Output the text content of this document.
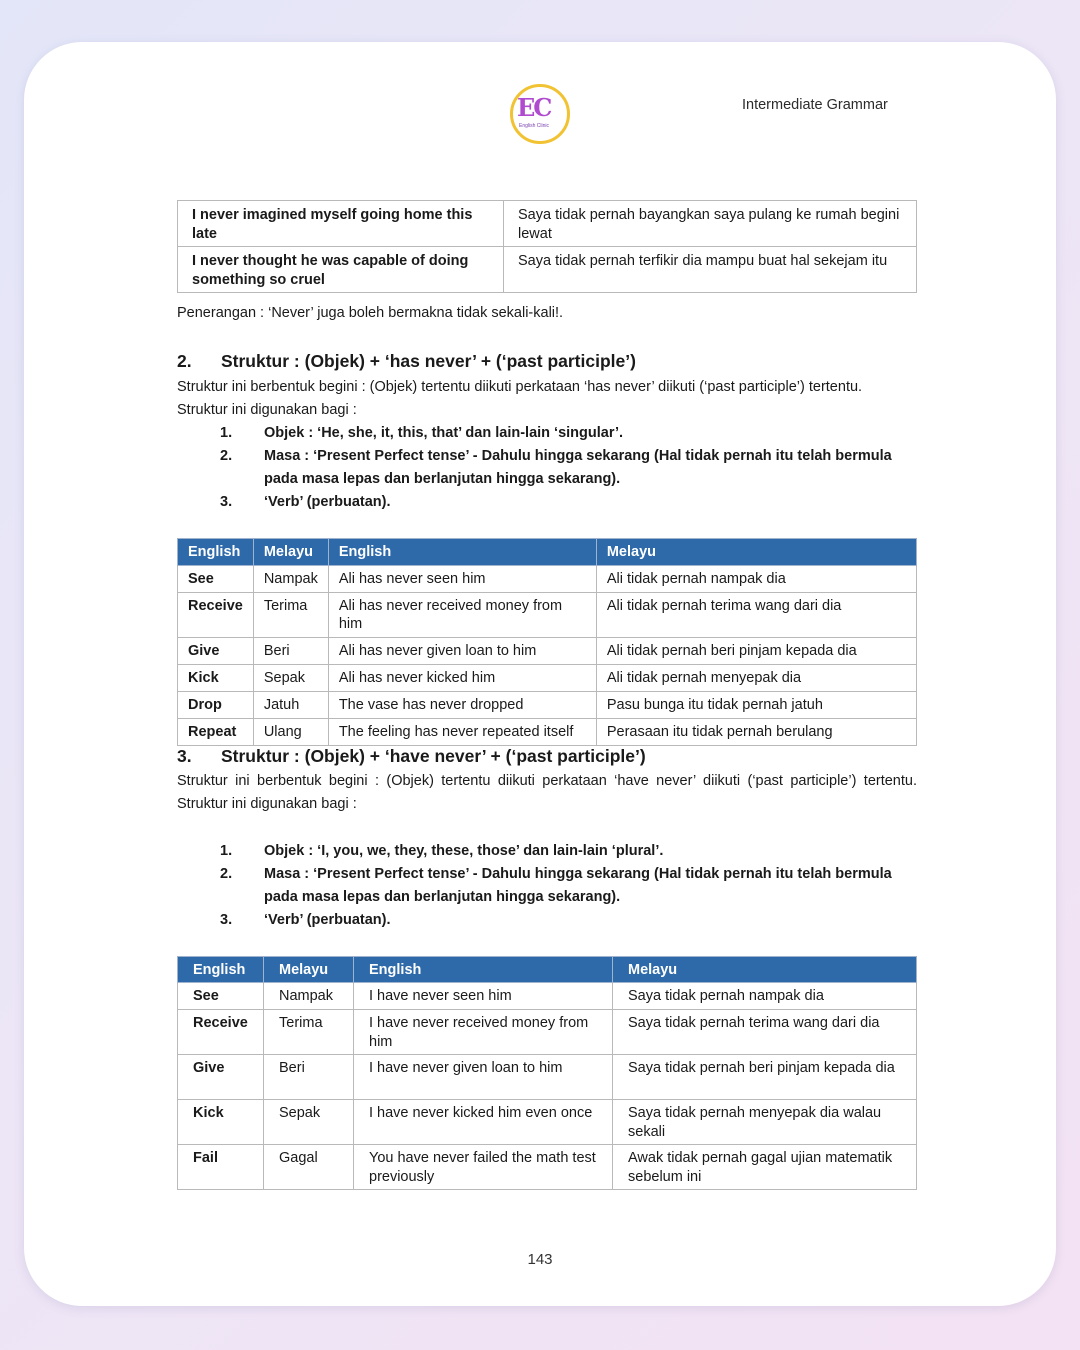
EC
English Clinic
Intermediate Grammar
I never imagined myself going home this late	Saya tidak pernah bayangkan saya pulang ke rumah begini lewat
I never thought he was capable of doing something so cruel	Saya tidak pernah terfikir dia mampu buat hal sekejam itu
Penerangan : ‘Never’ juga boleh bermakna tidak sekali-kali!.
2. Struktur : (Objek) + ‘has never’ + (‘past participle’)
Struktur ini berbentuk begini : (Objek) tertentu diikuti perkataan ‘has never’ diikuti (‘past participle’) tertentu.
Struktur ini digunakan bagi :
1.	Objek : ‘He, she, it, this, that’ dan lain-lain ‘singular’.
2.	Masa : ‘Present Perfect tense’ - Dahulu hingga sekarang (Hal tidak pernah itu telah bermula pada masa lepas dan berlanjutan hingga sekarang).
3.	‘Verb’ (perbuatan).
English	Melayu	English	Melayu
See	Nampak	Ali has never seen him	Ali tidak pernah nampak dia
Receive	Terima	Ali has never received money from him	Ali tidak pernah terima wang dari dia
Give	Beri	Ali has never given loan to him	Ali tidak pernah beri pinjam kepada dia
Kick	Sepak	Ali has never kicked him	Ali tidak pernah menyepak dia
Drop	Jatuh	The vase has never dropped	Pasu bunga itu tidak pernah jatuh
Repeat	Ulang	The feeling has never repeated itself	Perasaan itu tidak pernah berulang
3. Struktur : (Objek) + ‘have never’ + (‘past participle’)
Struktur ini berbentuk begini : (Objek) tertentu diikuti perkataan ‘have never’ diikuti (‘past participle’) tertentu. Struktur ini digunakan bagi :
1.	Objek : ‘I, you, we, they, these, those’ dan lain-lain ‘plural’.
2.	Masa : ‘Present Perfect tense’ - Dahulu hingga sekarang (Hal tidak pernah itu telah bermula pada masa lepas dan berlanjutan hingga sekarang).
3.	‘Verb’ (perbuatan).
English	Melayu	English	Melayu
See	Nampak	I have never seen him	Saya tidak pernah nampak dia
Receive	Terima	I have never received money from him	Saya tidak pernah terima wang dari dia
Give	Beri	I have never given loan to him	Saya tidak pernah beri pinjam kepada dia
Kick	Sepak	I have never kicked him even once	Saya tidak pernah menyepak dia walau sekali
Fail	Gagal	You have never failed the math test previously	Awak tidak pernah gagal ujian matematik sebelum ini
143
